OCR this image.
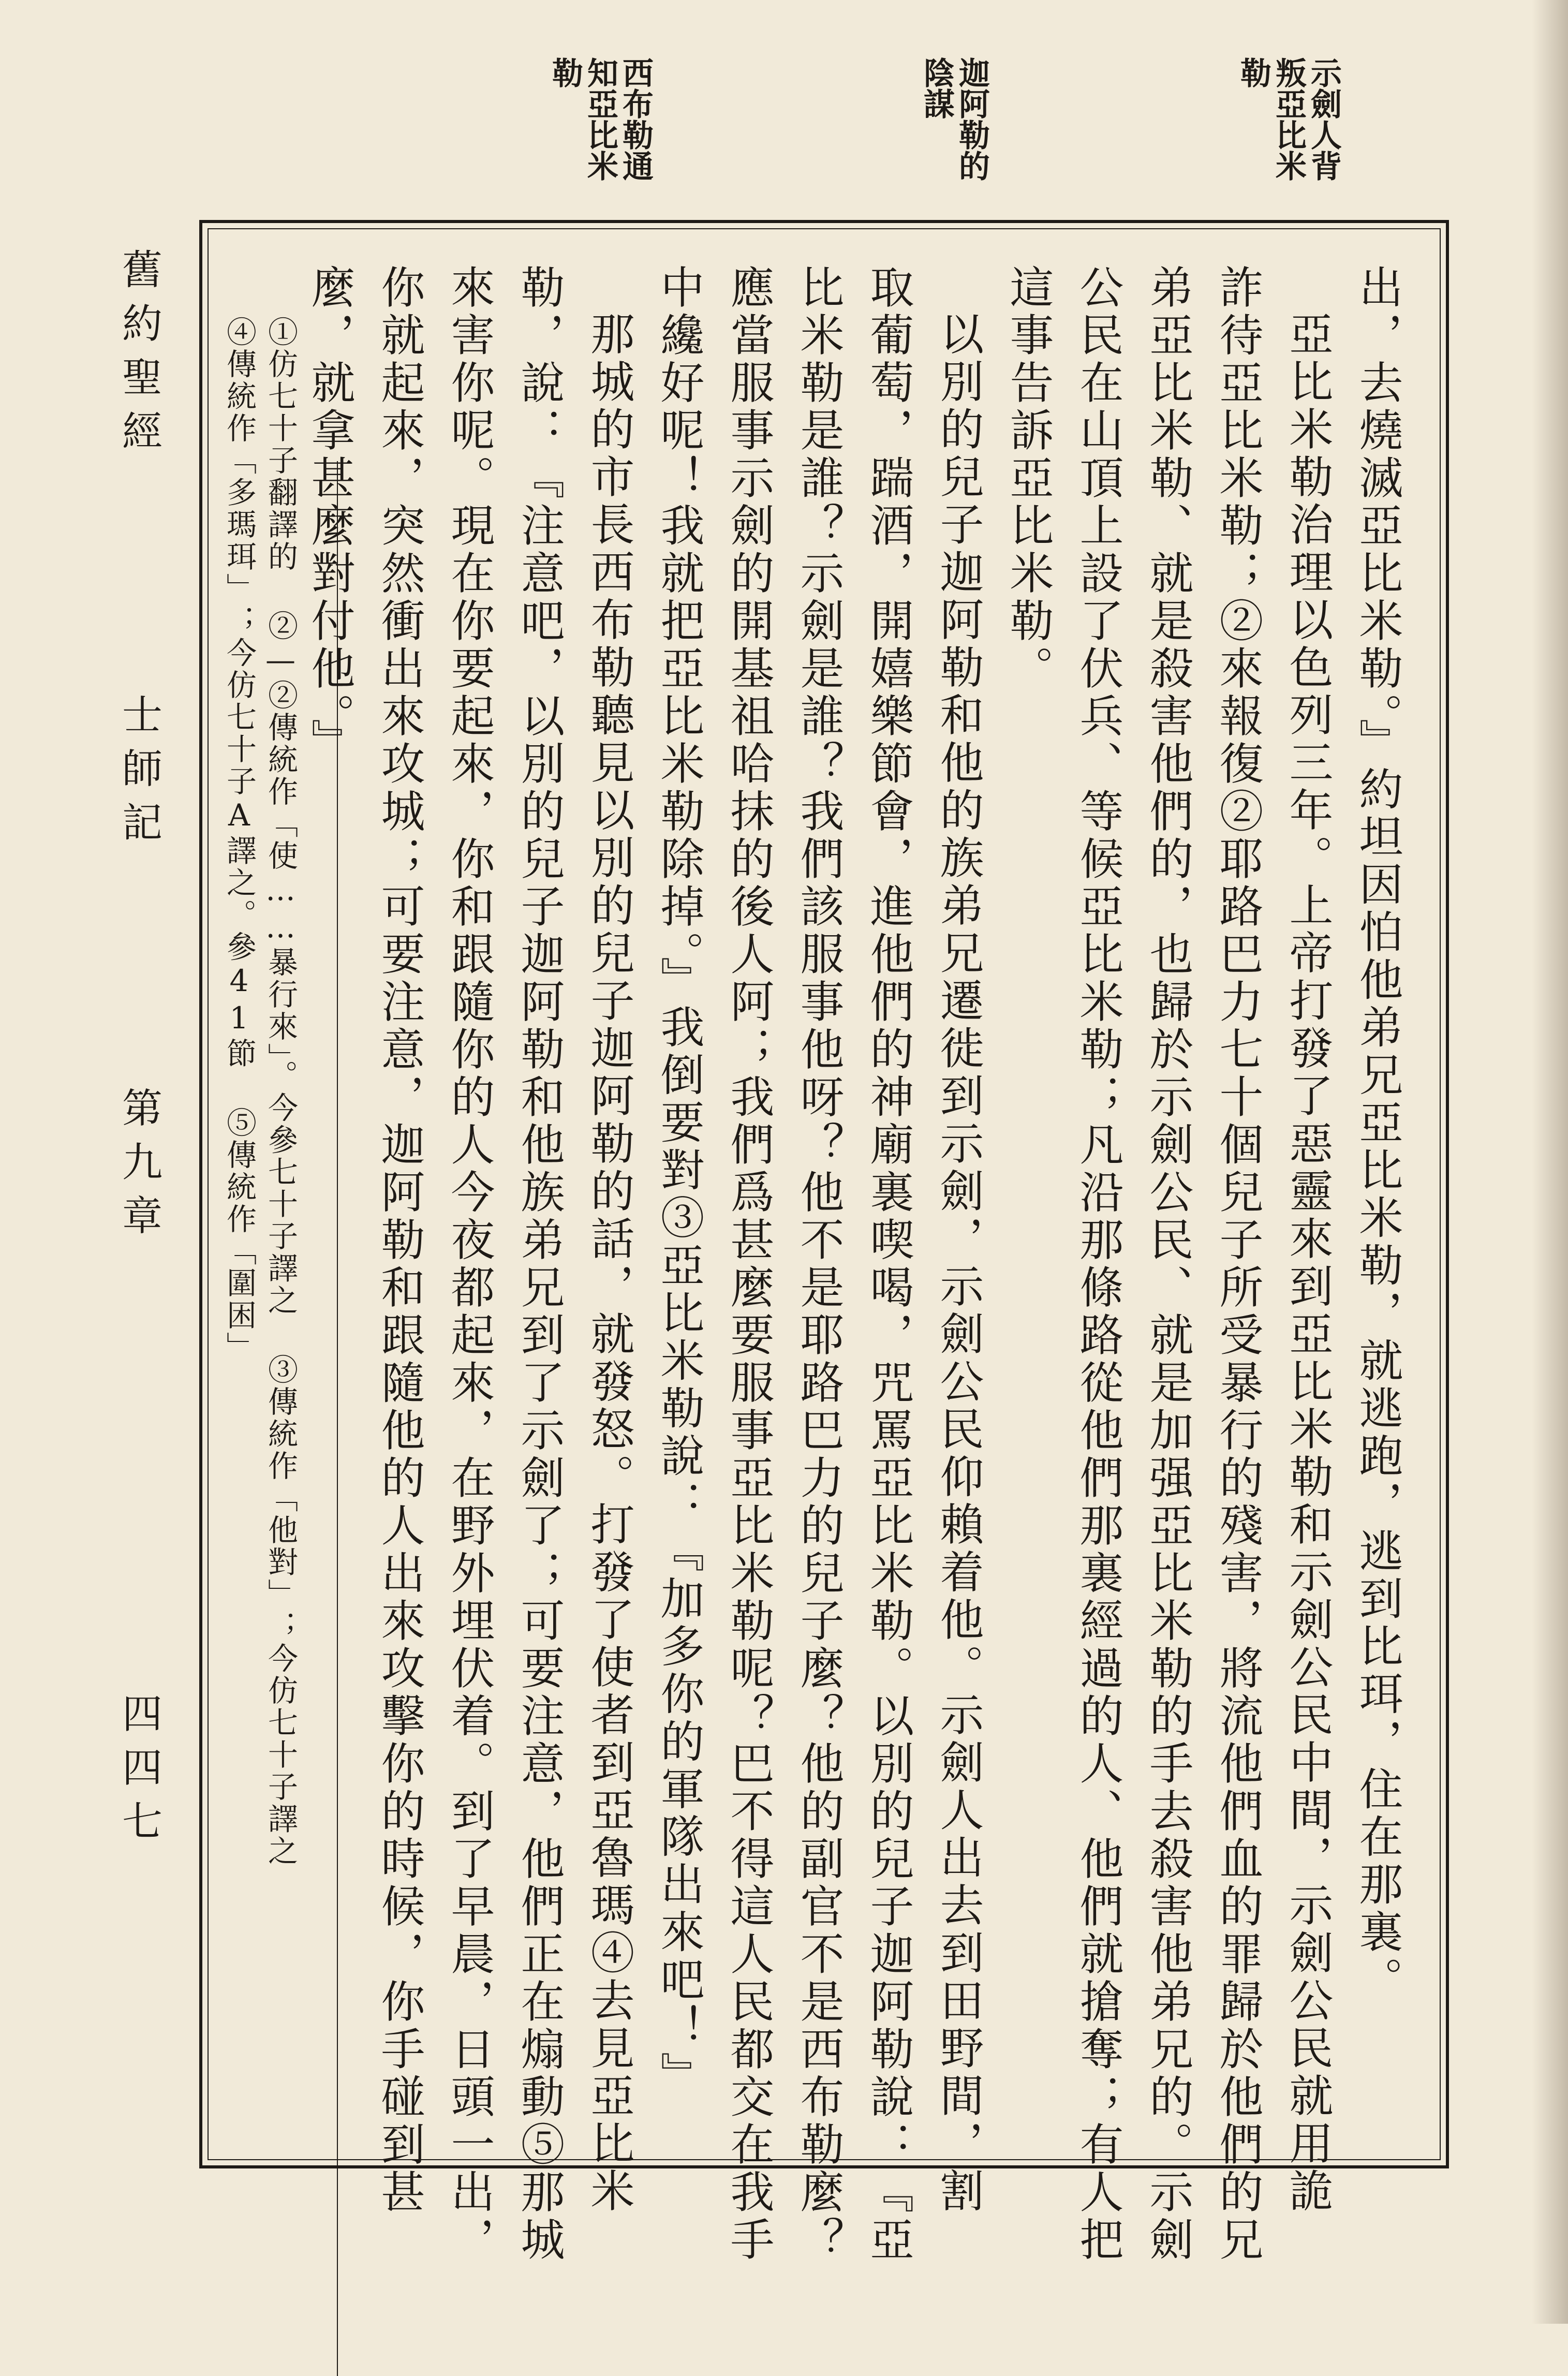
示劍人背
叛亞比米
勒
迦阿勒的
陰謀
西布勒通
知亞比米
勒
舊約聖經
士師記
第九章
四四七	出，去燒滅亞比米勒。』約坦因怕他弟兄亞比米勒，就逃跑，逃到比珥，住在那裏。
亞比米勒治理以色列三年。上帝打發了惡靈來到亞比米勒和示劍公民中間，示劍公民就用詭
詐待亞比米勒；②來報復②耶路巴力七十個兒子所受暴行的殘害，將流他們血的罪歸於他們的兄
弟亞比米勒、就是殺害他們的，也歸於示劍公民、就是加强亞比米勒的手去殺害他弟兄的。示劍
公民在山頂上設了伏兵、等候亞比米勒；凡沿那條路從他們那裏經過的人、他們就搶奪；有人把
這事告訴亞比米勒。
以別的兒子迦阿勒和他的族弟兄遷徙到示劍，示劍公民仰賴着他。示劍人出去到田野間，割
取葡萄，踹酒，開嬉樂節會，進他們的神廟裏喫喝，咒罵亞比米勒。以別的兒子迦阿勒說：『亞
比米勒是誰？示劍是誰？我們該服事他呀？他不是耶路巴力的兒子麼？他的副官不是西布勒麼？
應當服事示劍的開基祖哈抹的後人阿；我們爲甚麼要服事亞比米勒呢？巴不得這人民都交在我手
中纔好呢！我就把亞比米勒除掉。』我倒要對③亞比米勒說：『加多你的軍隊出來吧！』
那城的市長西布勒聽見以別的兒子迦阿勒的話，就發怒。打發了使者到亞魯瑪④去見亞比米
勒，說：『注意吧，以別的兒子迦阿勒和他族弟兄到了示劍了；可要注意，他們正在煽動⑤那城
來害你呢。現在你要起來，你和跟隨你的人今夜都起來，在野外埋伏着。到了早晨，日頭一出，
你就起來，突然衝出來攻城；可要注意，迦阿勒和跟隨他的人出來攻擊你的時候，你手碰到甚
麼，就拿甚麼對付他。』
①仿七十子翻譯的 ②—②傳統作「使……暴行來」。今參七十子譯之 ③傳統作「他對」；今仿七十子譯之
④傳統作「多瑪珥」；今仿七十子A譯之。參41節 ⑤傳統作「圍困」
